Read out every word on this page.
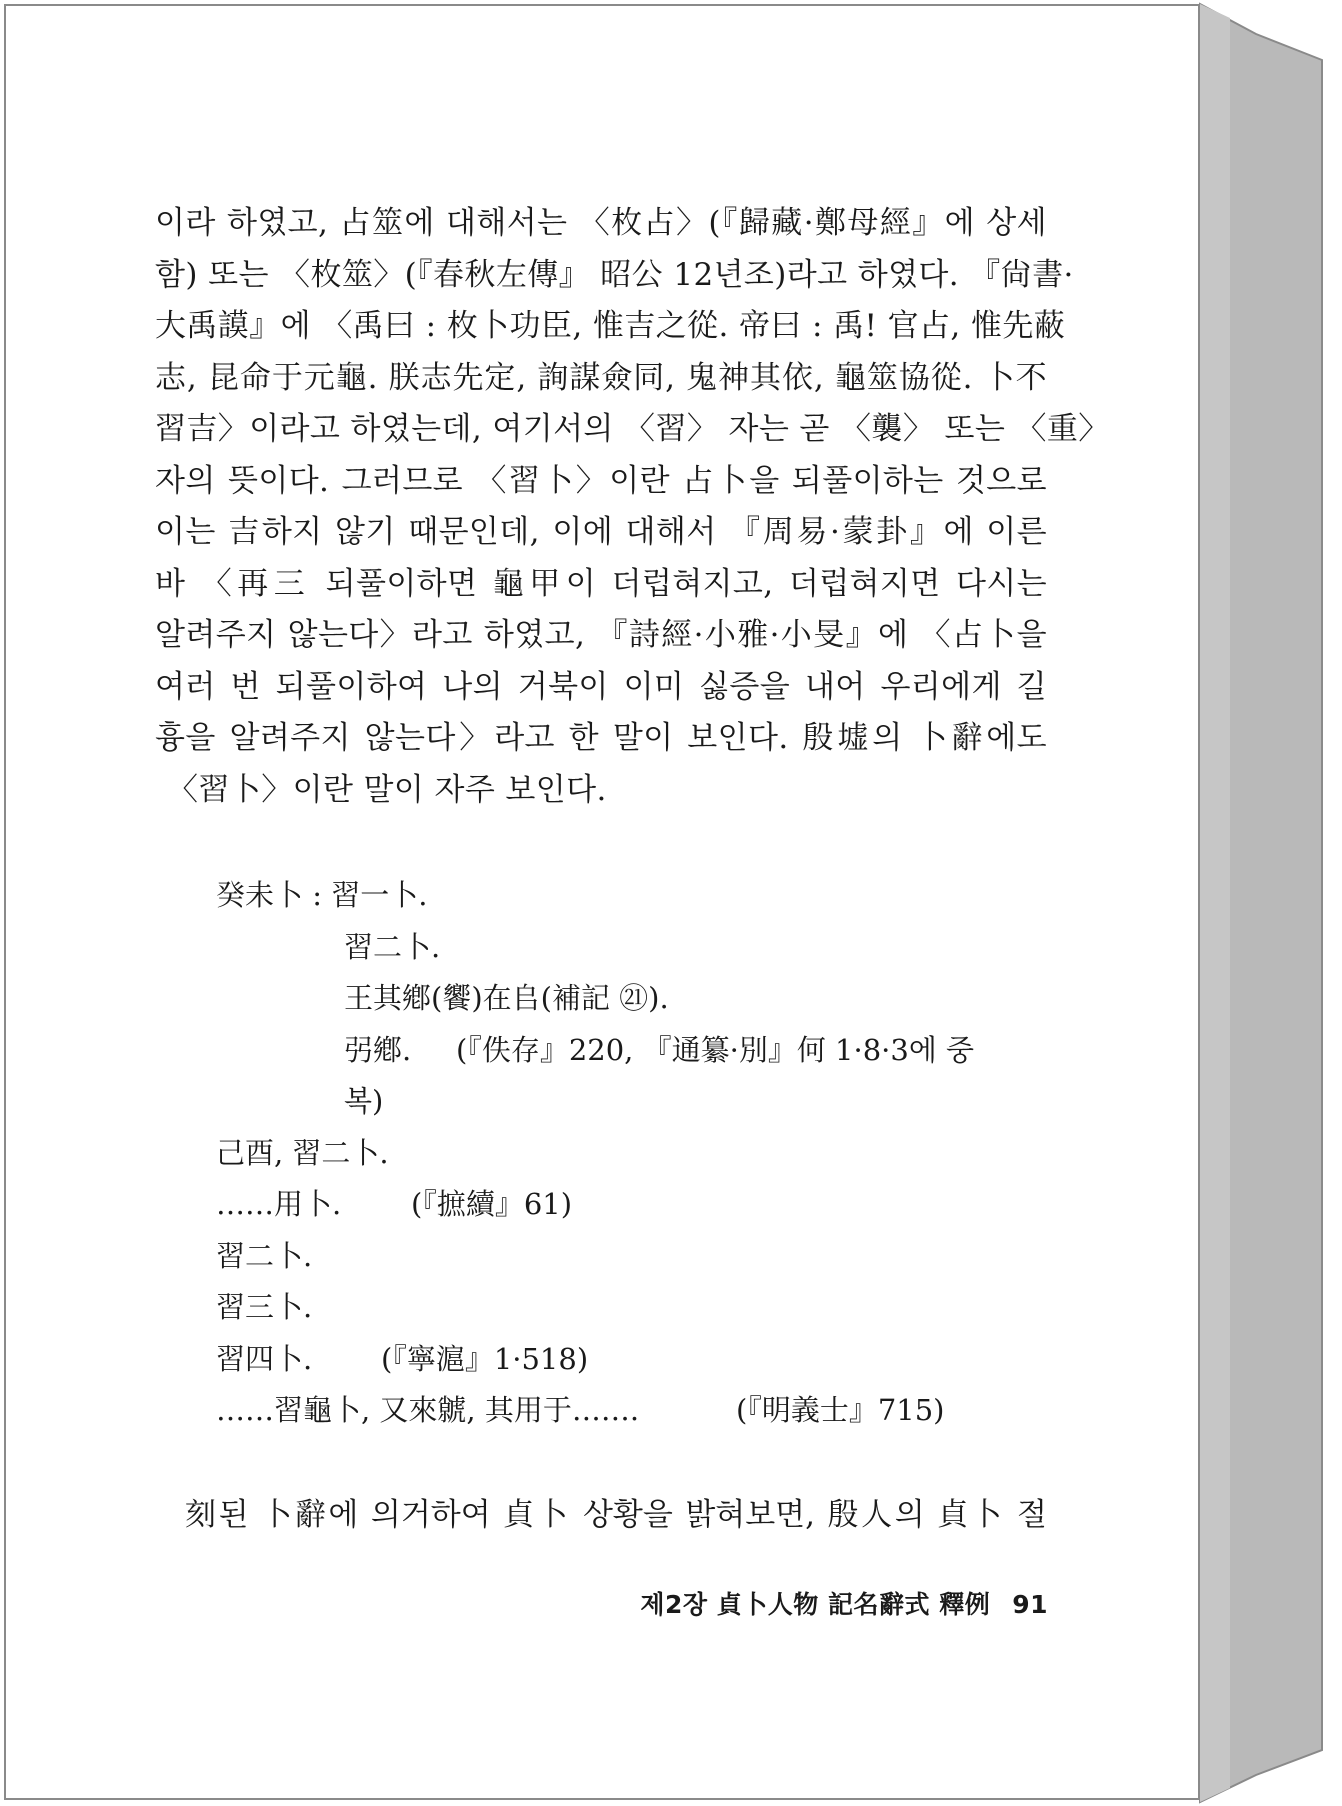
이라 하였고, 占筮에 대해서는 〈枚占〉(『歸藏·鄭母經』에 상세
함) 또는 〈枚筮〉(『春秋左傳』 昭公 12년조)라고 하였다. 『尙書·
大禹謨』에 〈禹曰 : 枚卜功臣, 惟吉之從. 帝曰 : 禹! 官占, 惟先蔽
志, 昆命于元龜. 朕志先定, 詢謀僉同, 鬼神其依, 龜筮協從. 卜不
習吉〉이라고 하였는데, 여기서의 〈習〉 자는 곧 〈襲〉 또는 〈重〉
자의 뜻이다. 그러므로 〈習卜〉이란 占卜을 되풀이하는 것으로
이는 吉하지 않기 때문인데, 이에 대해서 『周易·蒙卦』에 이른
바 〈再三 되풀이하면 龜甲이 더럽혀지고, 더럽혀지면 다시는
알려주지 않는다〉라고 하였고, 『詩經·小雅·小旻』에 〈占卜을
여러 번 되풀이하여 나의 거북이 이미 싫증을 내어 우리에게 길
흉을 알려주지 않는다〉라고 한 말이 보인다. 殷墟의 卜辭에도
〈習卜〉이란 말이 자주 보인다.
癸未卜 : 習一卜.
習二卜.
王其鄕(饗)在𠂤(補記 ㉑).
弜鄕. (『佚存』220, 『通纂·別』何 1·8·3에 중
복)
己酉, 習二卜.
……用卜. (『摭續』61)
習二卜.
習三卜.
習四卜. (『寧滬』1·518)
……習龜卜, 又來虩, 其用于…….	(『明義士』715)
刻된 卜辭에 의거하여 貞卜 상황을 밝혀보면, 殷人의 貞卜 절
제2장 貞卜人物 記名辭式 釋例 91
